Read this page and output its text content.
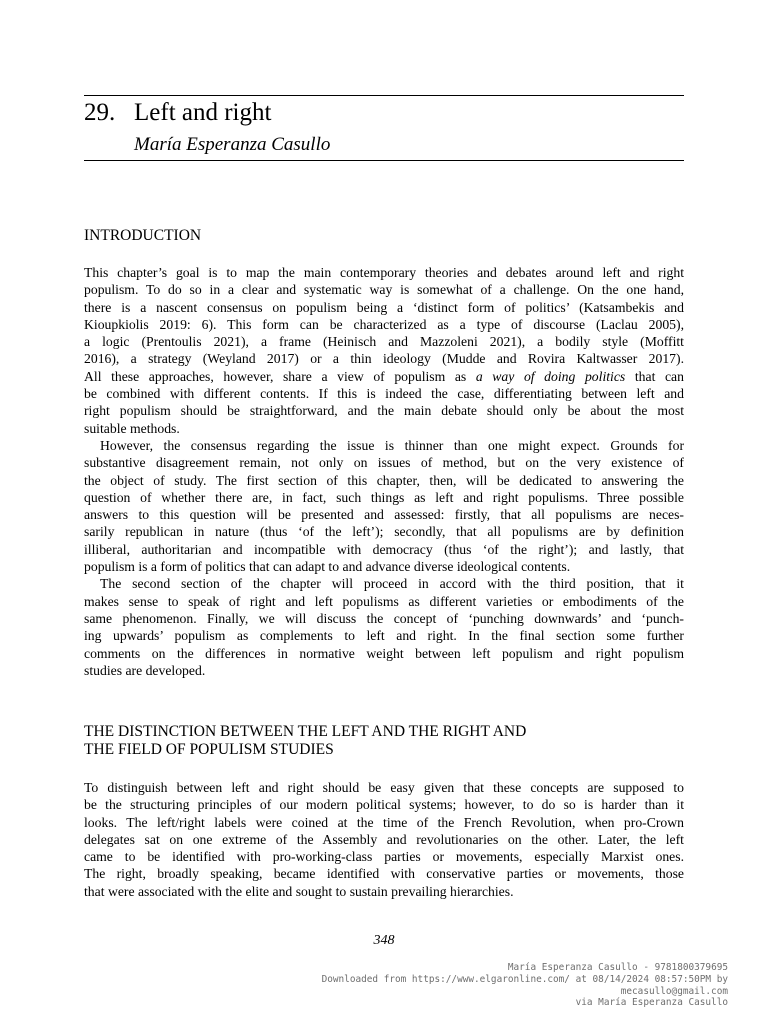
29. Left and right
María Esperanza Casullo
INTRODUCTION
This chapter’s goal is to map the main contemporary theories and debates around left and right
populism. To do so in a clear and systematic way is somewhat of a challenge. On the one hand,
there is a nascent consensus on populism being a ‘distinct form of politics’ (Katsambekis and
Kioupkiolis 2019: 6). This form can be characterized as a type of discourse (Laclau 2005),
a logic (Prentoulis 2021), a frame (Heinisch and Mazzoleni 2021), a bodily style (Moffitt
2016), a strategy (Weyland 2017) or a thin ideology (Mudde and Rovira Kaltwasser 2017).
All these approaches, however, share a view of populism as a way of doing politics that can
be combined with different contents. If this is indeed the case, differentiating between left and
right populism should be straightforward, and the main debate should only be about the most
suitable methods.
However, the consensus regarding the issue is thinner than one might expect. Grounds for
substantive disagreement remain, not only on issues of method, but on the very existence of
the object of study. The first section of this chapter, then, will be dedicated to answering the
question of whether there are, in fact, such things as left and right populisms. Three possible
answers to this question will be presented and assessed: firstly, that all populisms are neces-
sarily republican in nature (thus ‘of the left’); secondly, that all populisms are by definition
illiberal, authoritarian and incompatible with democracy (thus ‘of the right’); and lastly, that
populism is a form of politics that can adapt to and advance diverse ideological contents.
The second section of the chapter will proceed in accord with the third position, that it
makes sense to speak of right and left populisms as different varieties or embodiments of the
same phenomenon. Finally, we will discuss the concept of ‘punching downwards’ and ‘punch-
ing upwards’ populism as complements to left and right. In the final section some further
comments on the differences in normative weight between left populism and right populism
studies are developed.
THE DISTINCTION BETWEEN THE LEFT AND THE RIGHT AND
THE FIELD OF POPULISM STUDIES
To distinguish between left and right should be easy given that these concepts are supposed to
be the structuring principles of our modern political systems; however, to do so is harder than it
looks. The left/right labels were coined at the time of the French Revolution, when pro-Crown
delegates sat on one extreme of the Assembly and revolutionaries on the other. Later, the left
came to be identified with pro-working-class parties or movements, especially Marxist ones.
The right, broadly speaking, became identified with conservative parties or movements, those
that were associated with the elite and sought to sustain prevailing hierarchies.
348
María Esperanza Casullo - 9781800379695
Downloaded from https://www.elgaronline.com/ at 08/14/2024 08:57:50PM by
mecasullo@gmail.com
via María Esperanza Casullo
